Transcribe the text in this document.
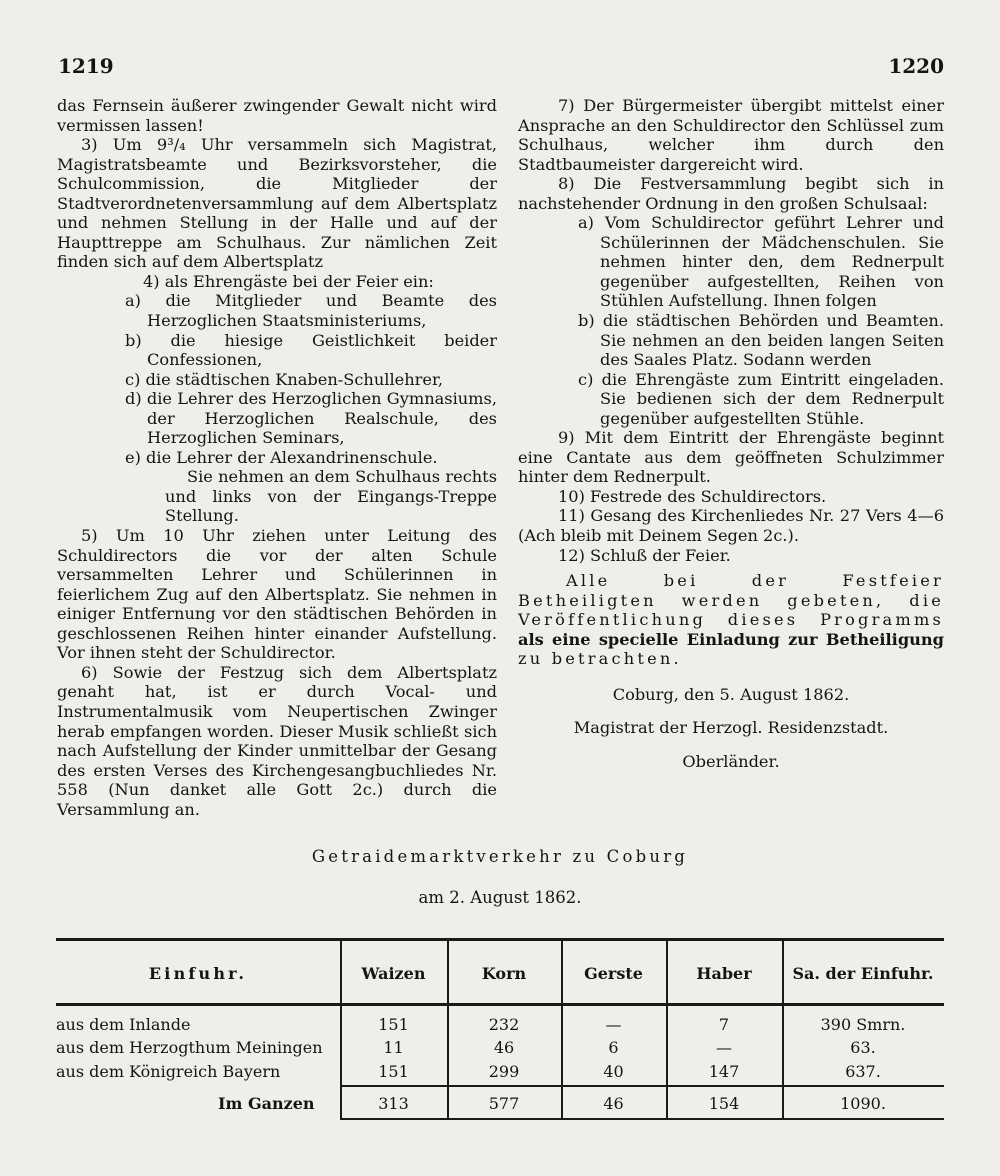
1219	1220

das Fernsein äußerer zwingender Gewalt nicht wird vermissen lassen!

3) Um 9³/₄ Uhr versammeln sich Magistrat, Magistratsbeamte und Bezirksvorsteher, die Schulcommission, die Mitglieder der Stadtverordnetenversammlung auf dem Albertsplatz und nehmen Stellung in der Halle und auf der Haupttreppe am Schulhaus. Zur nämlichen Zeit finden sich auf dem Albertsplatz

4) als Ehrengäste bei der Feier ein:

a) die Mitglieder und Beamte des Herzoglichen Staatsministeriums,

b) die hiesige Geistlichkeit beider Confessionen,

c) die städtischen Knaben-Schullehrer,

d) die Lehrer des Herzoglichen Gymnasiums, der Herzoglichen Realschule, des Herzoglichen Seminars,

e) die Lehrer der Alexandrinenschule.

Sie nehmen an dem Schulhaus rechts und links von der Eingangs-Treppe Stellung.

5) Um 10 Uhr ziehen unter Leitung des Schuldirectors die vor der alten Schule versammelten Lehrer und Schülerinnen in feierlichem Zug auf den Albertsplatz. Sie nehmen in einiger Entfernung vor den städtischen Behörden in geschlossenen Reihen hinter einander Aufstellung. Vor ihnen steht der Schuldirector.

6) Sowie der Festzug sich dem Albertsplatz genaht hat, ist er durch Vocal- und Instrumentalmusik vom Neupertischen Zwinger herab empfangen worden. Dieser Musik schließt sich nach Aufstellung der Kinder unmittelbar der Gesang des ersten Verses des Kirchengesangbuchliedes Nr. 558 (Nun danket alle Gott 2c.) durch die Versammlung an.

7) Der Bürgermeister übergibt mittelst einer Ansprache an den Schuldirector den Schlüssel zum Schulhaus, welcher ihm durch den Stadtbaumeister dargereicht wird.

8) Die Festversammlung begibt sich in nachstehender Ordnung in den großen Schulsaal:

a) Vom Schuldirector geführt Lehrer und Schülerinnen der Mädchenschulen. Sie nehmen hinter den, dem Rednerpult gegenüber aufgestellten, Reihen von Stühlen Aufstellung. Ihnen folgen

b) die städtischen Behörden und Beamten. Sie nehmen an den beiden langen Seiten des Saales Platz. Sodann werden

c) die Ehrengäste zum Eintritt eingeladen. Sie bedienen sich der dem Rednerpult gegenüber aufgestellten Stühle.

9) Mit dem Eintritt der Ehrengäste beginnt eine Cantate aus dem geöffneten Schulzimmer hinter dem Rednerpult.

10) Festrede des Schuldirectors.

11) Gesang des Kirchenliedes Nr. 27 Vers 4—6 (Ach bleib mit Deinem Segen 2c.).

12) Schluß der Feier.

Alle bei der Festfeier Betheiligten werden gebeten, die Veröffentlichung dieses Programms als eine specielle Einladung zur Betheiligung zu betrachten.

Coburg, den 5. August 1862.

Magistrat der Herzogl. Residenzstadt.

Oberländer.

Getraidemarktverkehr zu Coburg
am 2. August 1862.
Einfuhr.	Waizen	Korn	Gerste	Haber	Sa. der Einfuhr.
aus dem Inlande	151	232	—	7	390 Smrn.
aus dem Herzogthum Meiningen	11	46	6	—	63.
aus dem Königreich Bayern	151	299	40	147	637.
Im Ganzen	313	577	46	154	1090.
